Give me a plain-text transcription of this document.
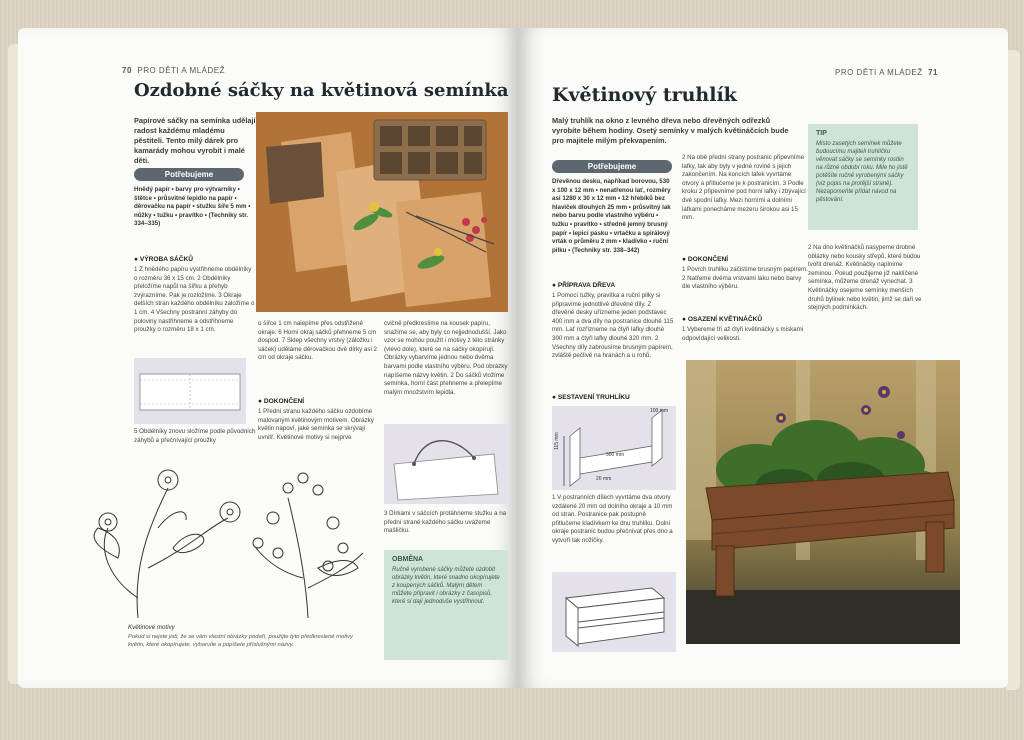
70 PRO DĚTI A MLÁDEŽ
Ozdobné sáčky na květinová semínka

Papírové sáčky na semínka udělají radost každému mladému pěstiteli. Tento milý dárek pro kamarády mohou vyrobit i malé děti.

Potřebujeme

Hnědý papír • barvy pro výtvarníky • štětce • průsvitné lepidlo na papír • děrovačku na papír • stužku šíře 5 mm • nůžky • tužku • pravítko • (Techniky str. 334–335)

● VÝROBA SÁČKŮ

1 Z hnědého papíru vystřihneme obdélníky o rozměru 36 x 15 cm. 2 Obdélníky přeložíme napůl na šířku a přehyb zvýrazníme. Pak je rozložíme. 3 Okraje delších stran každého obdélníku založíme o 1 cm. 4 Všechny postranní záhyby do poloviny nastřihneme a odstřihneme proužky o rozměru 18 x 1 cm.

5 Obdélníky znovu složíme podle původních záhybů a přečnívající proužky

o šířce 1 cm nalepíme přes odstřižené okraje. 6 Horní okraj sáčků přehneme 5 cm dospod. 7 Sklep všechny vrstvy (záložku i sáček) uděláme děrovačkou dvě dírky asi 2 cm od okraje sáčku.

● DOKONČENÍ

1 Přední stranu každého sáčku ozdobíme malovaným květinovým motivem. Obrázky květin napoví, jaké semínka se skrývají uvnitř. Květinové motivy si nejprve

cvičně předkreslíme na kousek papíru, snažíme se, aby byly co nejjednodušší. Jako vzor se mohou použít i motivy z této stránky (vlevo dole), které se na sáčky okopírují. Obrázky vybarvíme jednou nebo dvěma barvami podle vlastního výběru. Pod obrázky napíšeme názvy květin. 2 Do sáčků vložíme semínka, horní část přehneme a přelepíme malým množstvím lepidla.

3 Dírkami v sáčcích protáhneme stužku a na přední straně každého sáčku uvážeme mašličku.

OBMĚNA

Ručně vyrobené sáčky můžete ozdobit obrázky květin, které snadno okopírujete z koupených sáčků. Malým dětem můžete připravit i obrázky z časopisů, které si dají jednoduše vystřihnout.

Květinové motivy

Pokud si nejste jisti, že se vám vlastní obrázky podaří, použijte tyto předkreslené motivy květin, které okopírujete, vybarvíte a popíšete příslušnými názvy.

PRO DĚTI A MLÁDEŽ 71
Květinový truhlík

Malý truhlík na okno z levného dřeva nebo dřevěných odřezků vyrobíte během hodiny. Osetý semínky v malých květináčcích bude pro majitele milým překvapením.

Potřebujeme

Dřevěnou desku, napříkad borovou, 530 x 100 x 12 mm • nenatřenou lať, rozměry asi 1280 x 30 x 12 mm • 12 hřebíků bez hlaviček dlouhých 25 mm • průsvitný lak nebo barvu podle vlastního výběru • tužku • pravítko • středně jemný brusný papír • lepicí pásku • vrtačku a spirálový vrták o průměru 2 mm • kladívko • ruční pilku • (Techniky str. 338–342)

● PŘÍPRAVA DŘEVA

1 Pomocí tužky, pravítka a ruční pilky si připravíme jednotlivé dřevěné díly. Z dřevěné desky uřízneme jeden podstavec 400 mm a dva díly na postranice dlouhé 115 mm. Lať rozřízneme na čtyři lafky dlouhé 300 mm a čtyři lafky dlouhé 320 mm. 2 Všechny díly zabrousíme brusným papírem, zvláště pečlivě na hranách a u rohů.

● SESTAVENÍ TRUHLÍKU
115 mm
300 mm
20 mm
100 mm

1 V postranních dílech vyvrtáme dva otvory vzdálené 20 mm od dolního okraje a 10 mm od stran. Postranice pak postupně přitlučeme kladívkem ke dnu truhlíku. Dolní okraje postranic budou přečnívat přes dno a vytvoří tak nožičky.

2 Na obě přední strany postranic připevníme lafky, tak aby byly v jedné rovině s jejich zakončením. Na koncích lafek vyvrtáme otvory a přitlučeme je k postranicím. 3 Podle kroku 2 připevníme pod horní lafky i zbývající dvě spodní lafky. Mezi horními a dolními lafkami ponecháme mezeru širokou asi 15 mm.

● DOKONČENÍ

1 Povrch truhlíku začistíme brusným papírem. 2 Natřeme dvěma vrstvami laku nebo barvy dle vlastního výběru.

● OSAZENÍ KVĚTINÁČKŮ

1 Vybereme tři až čtyři květináčky s miskami odpovídající velikosti.

TIP

Místo zasetých semínek můžete budoucímu majiteli truhlíčku věnovat sáčky se semínky rostlin na různé období roku. Mile ho jistě potěšíte ručně vyrobenými sáčky (viz popis na protější straně). Nezapomeňte přidat návod na pěstování.

2 Na dno květináčků nasypeme drobné oblázky nebo kousky střepů, které budou tvořit drenáž. Květináčky naplníme zeminou. Pokud použijeme již naklíčené semínka, můžeme drenáž vynechat. 3 Květináčky osejeme semínky menších druhů bylinek nebo květin, jimž se daří ve stejných podmínkách.
